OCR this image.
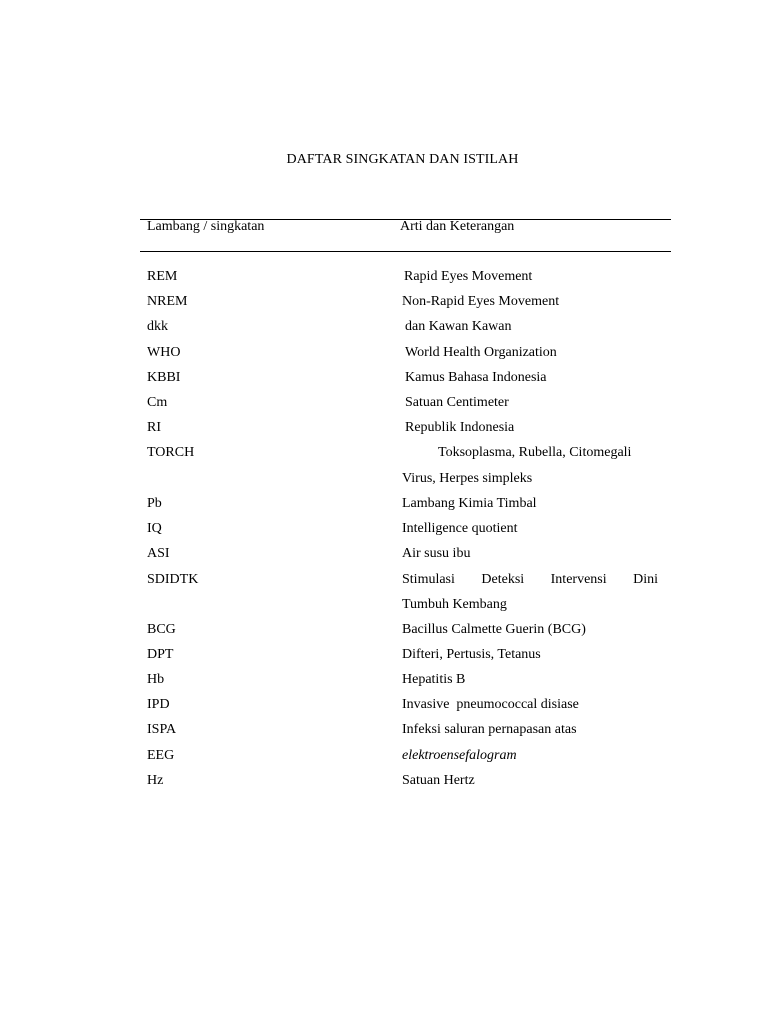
DAFTAR SINGKATAN DAN ISTILAH
Lambang / singkatan	Arti dan Keterangan
REM	Rapid Eyes Movement
NREM	Non-Rapid Eyes Movement
dkk	dan Kawan Kawan
WHO	World Health Organization
KBBI	Kamus Bahasa Indonesia
Cm	Satuan Centimeter
RI	Republik Indonesia
TORCH	Toksoplasma, Rubella, Citomegali
Virus, Herpes simpleks
Pb	Lambang Kimia Timbal
IQ	Intelligence quotient
ASI	Air susu ibu
SDIDTK	Stimulasi Deteksi Intervensi Dini
Tumbuh Kembang
BCG	Bacillus Calmette Guerin (BCG)
DPT	Difteri, Pertusis, Tetanus
Hb	Hepatitis B
IPD	Invasive  pneumococcal disiase
ISPA	Infeksi saluran pernapasan atas
EEG	elektroensefalogram
Hz	Satuan Hertz
